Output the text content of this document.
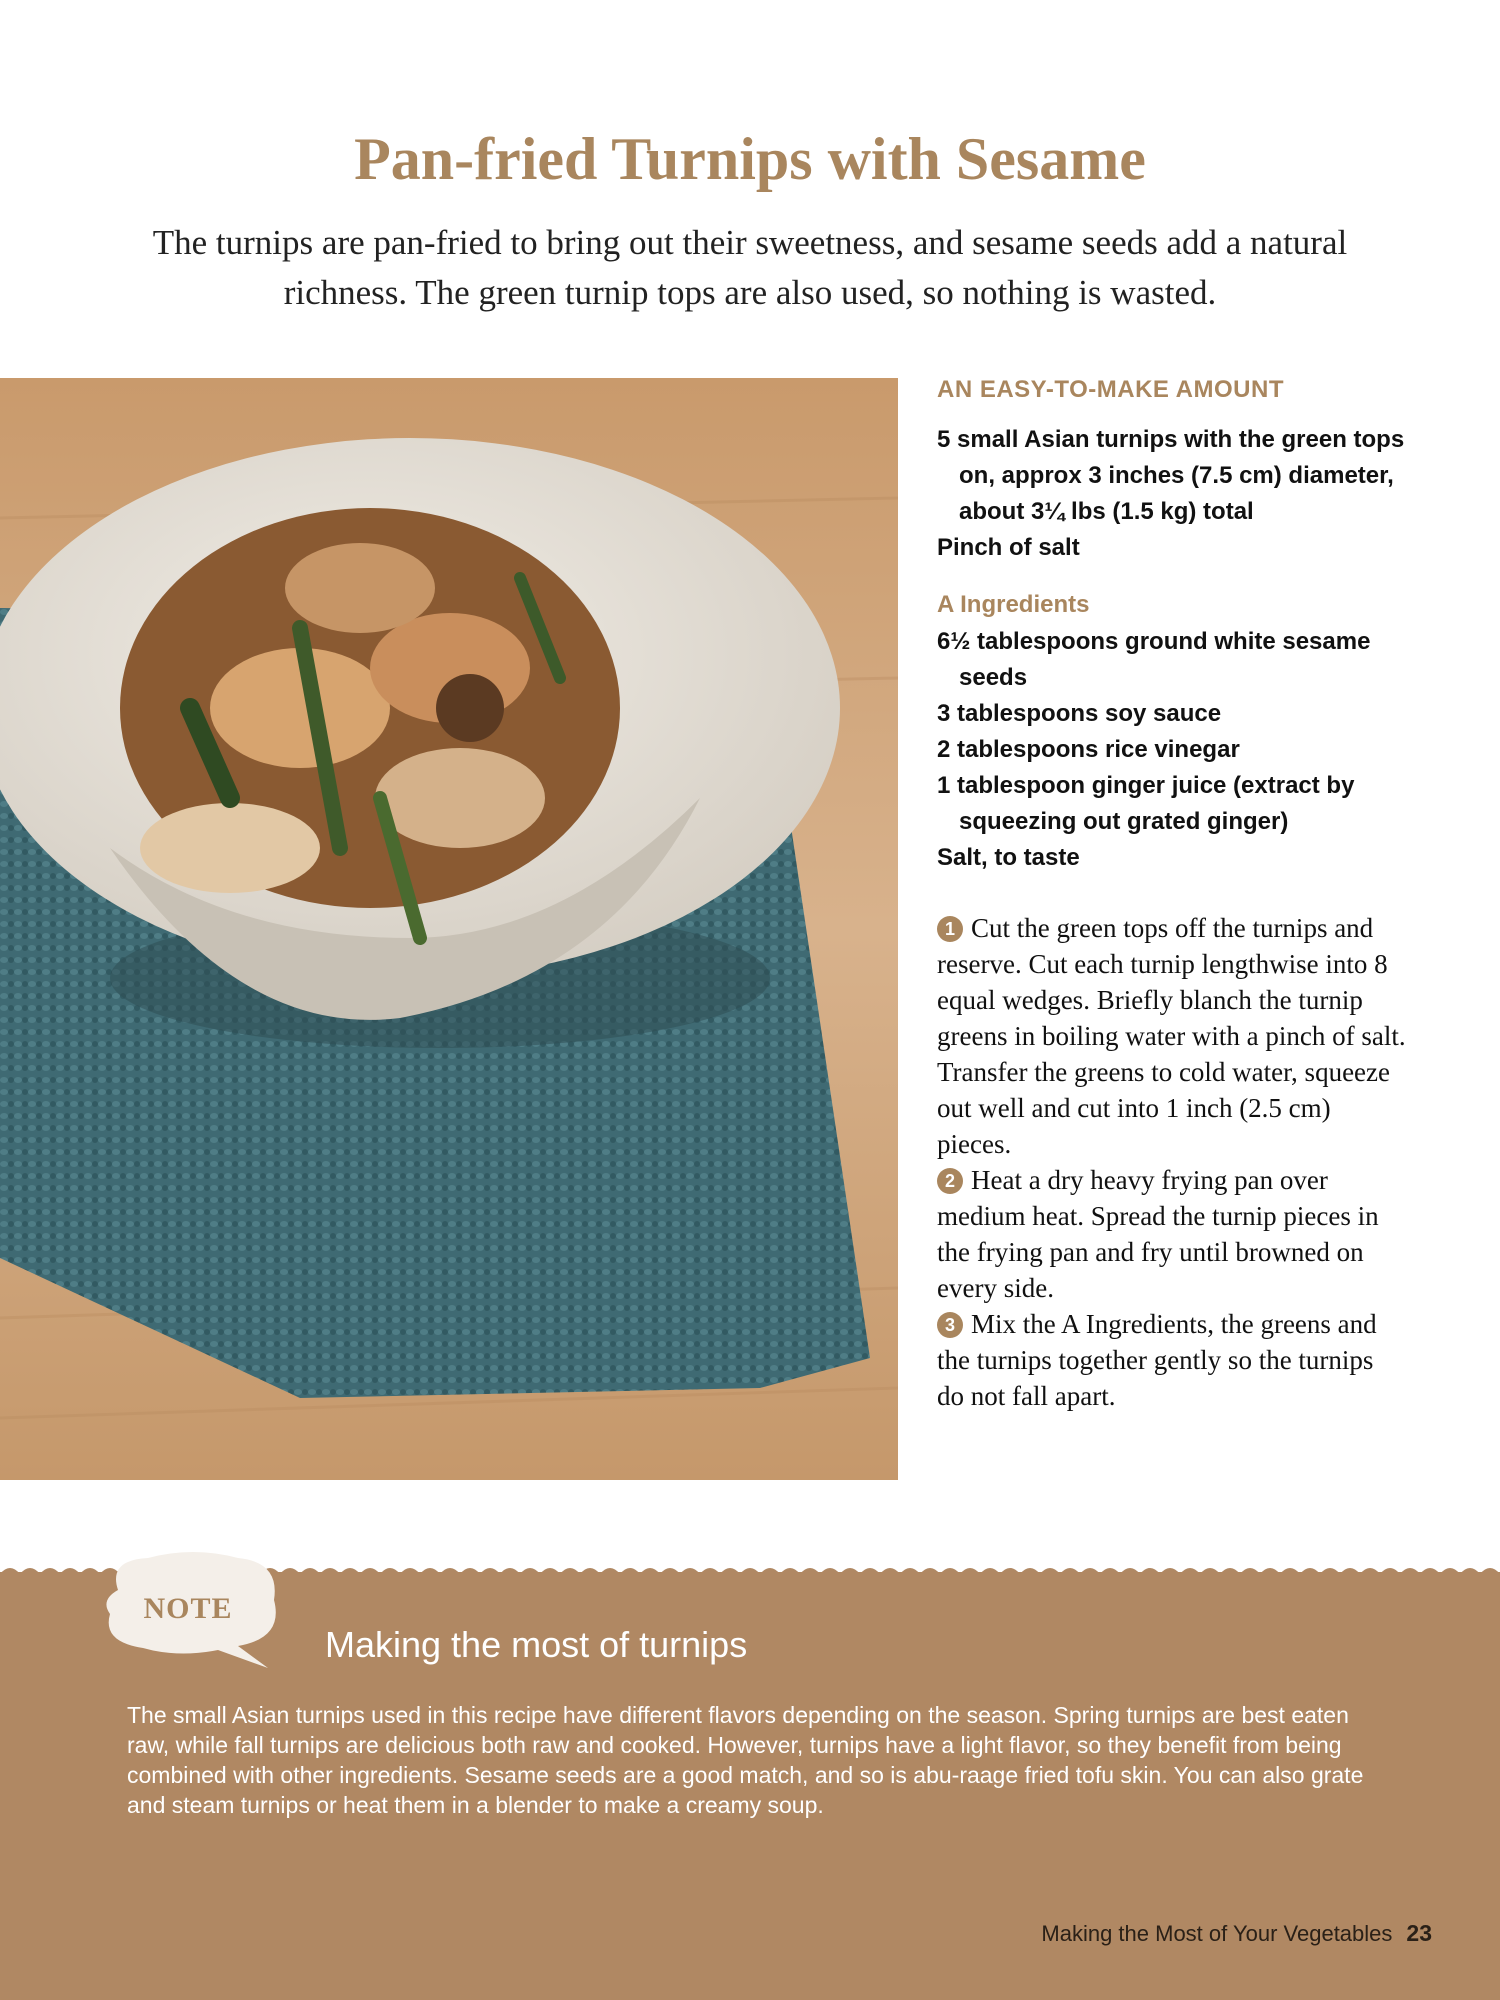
Pan-fried Turnips with Sesame

The turnips are pan-fried to bring out their sweetness, and sesame seeds add a natural richness. The green turnip tops are also used, so nothing is wasted.

AN EASY-TO-MAKE AMOUNT
5 small Asian turnips with the green tops on, approx 3 inches (7.5 cm) diameter, about 3¼ lbs (1.5 kg) total
Pinch of salt
A Ingredients
6½ tablespoons ground white sesame seeds
3 tablespoons soy sauce
2 tablespoons rice vinegar
1 tablespoon ginger juice (extract by squeezing out grated ginger)
Salt, to taste

1 Cut the green tops off the turnips and reserve. Cut each turnip lengthwise into 8 equal wedges. Briefly blanch the turnip greens in boiling water with a pinch of salt. Transfer the greens to cold water, squeeze out well and cut into 1 inch (2.5 cm) pieces.

2 Heat a dry heavy frying pan over medium heat. Spread the turnip pieces in the frying pan and fry until browned on every side.

3 Mix the A Ingredients, the greens and the turnips together gently so the turnips do not fall apart.

NOTE
Making the most of turnips

The small Asian turnips used in this recipe have different flavors depending on the season. Spring turnips are best eaten raw, while fall turnips are delicious both raw and cooked. However, turnips have a light flavor, so they benefit from being combined with other ingredients. Sesame seeds are a good match, and so is abu-raage fried tofu skin. You can also grate and steam turnips or heat them in a blender to make a creamy soup.

Making the Most of Your Vegetables 23
